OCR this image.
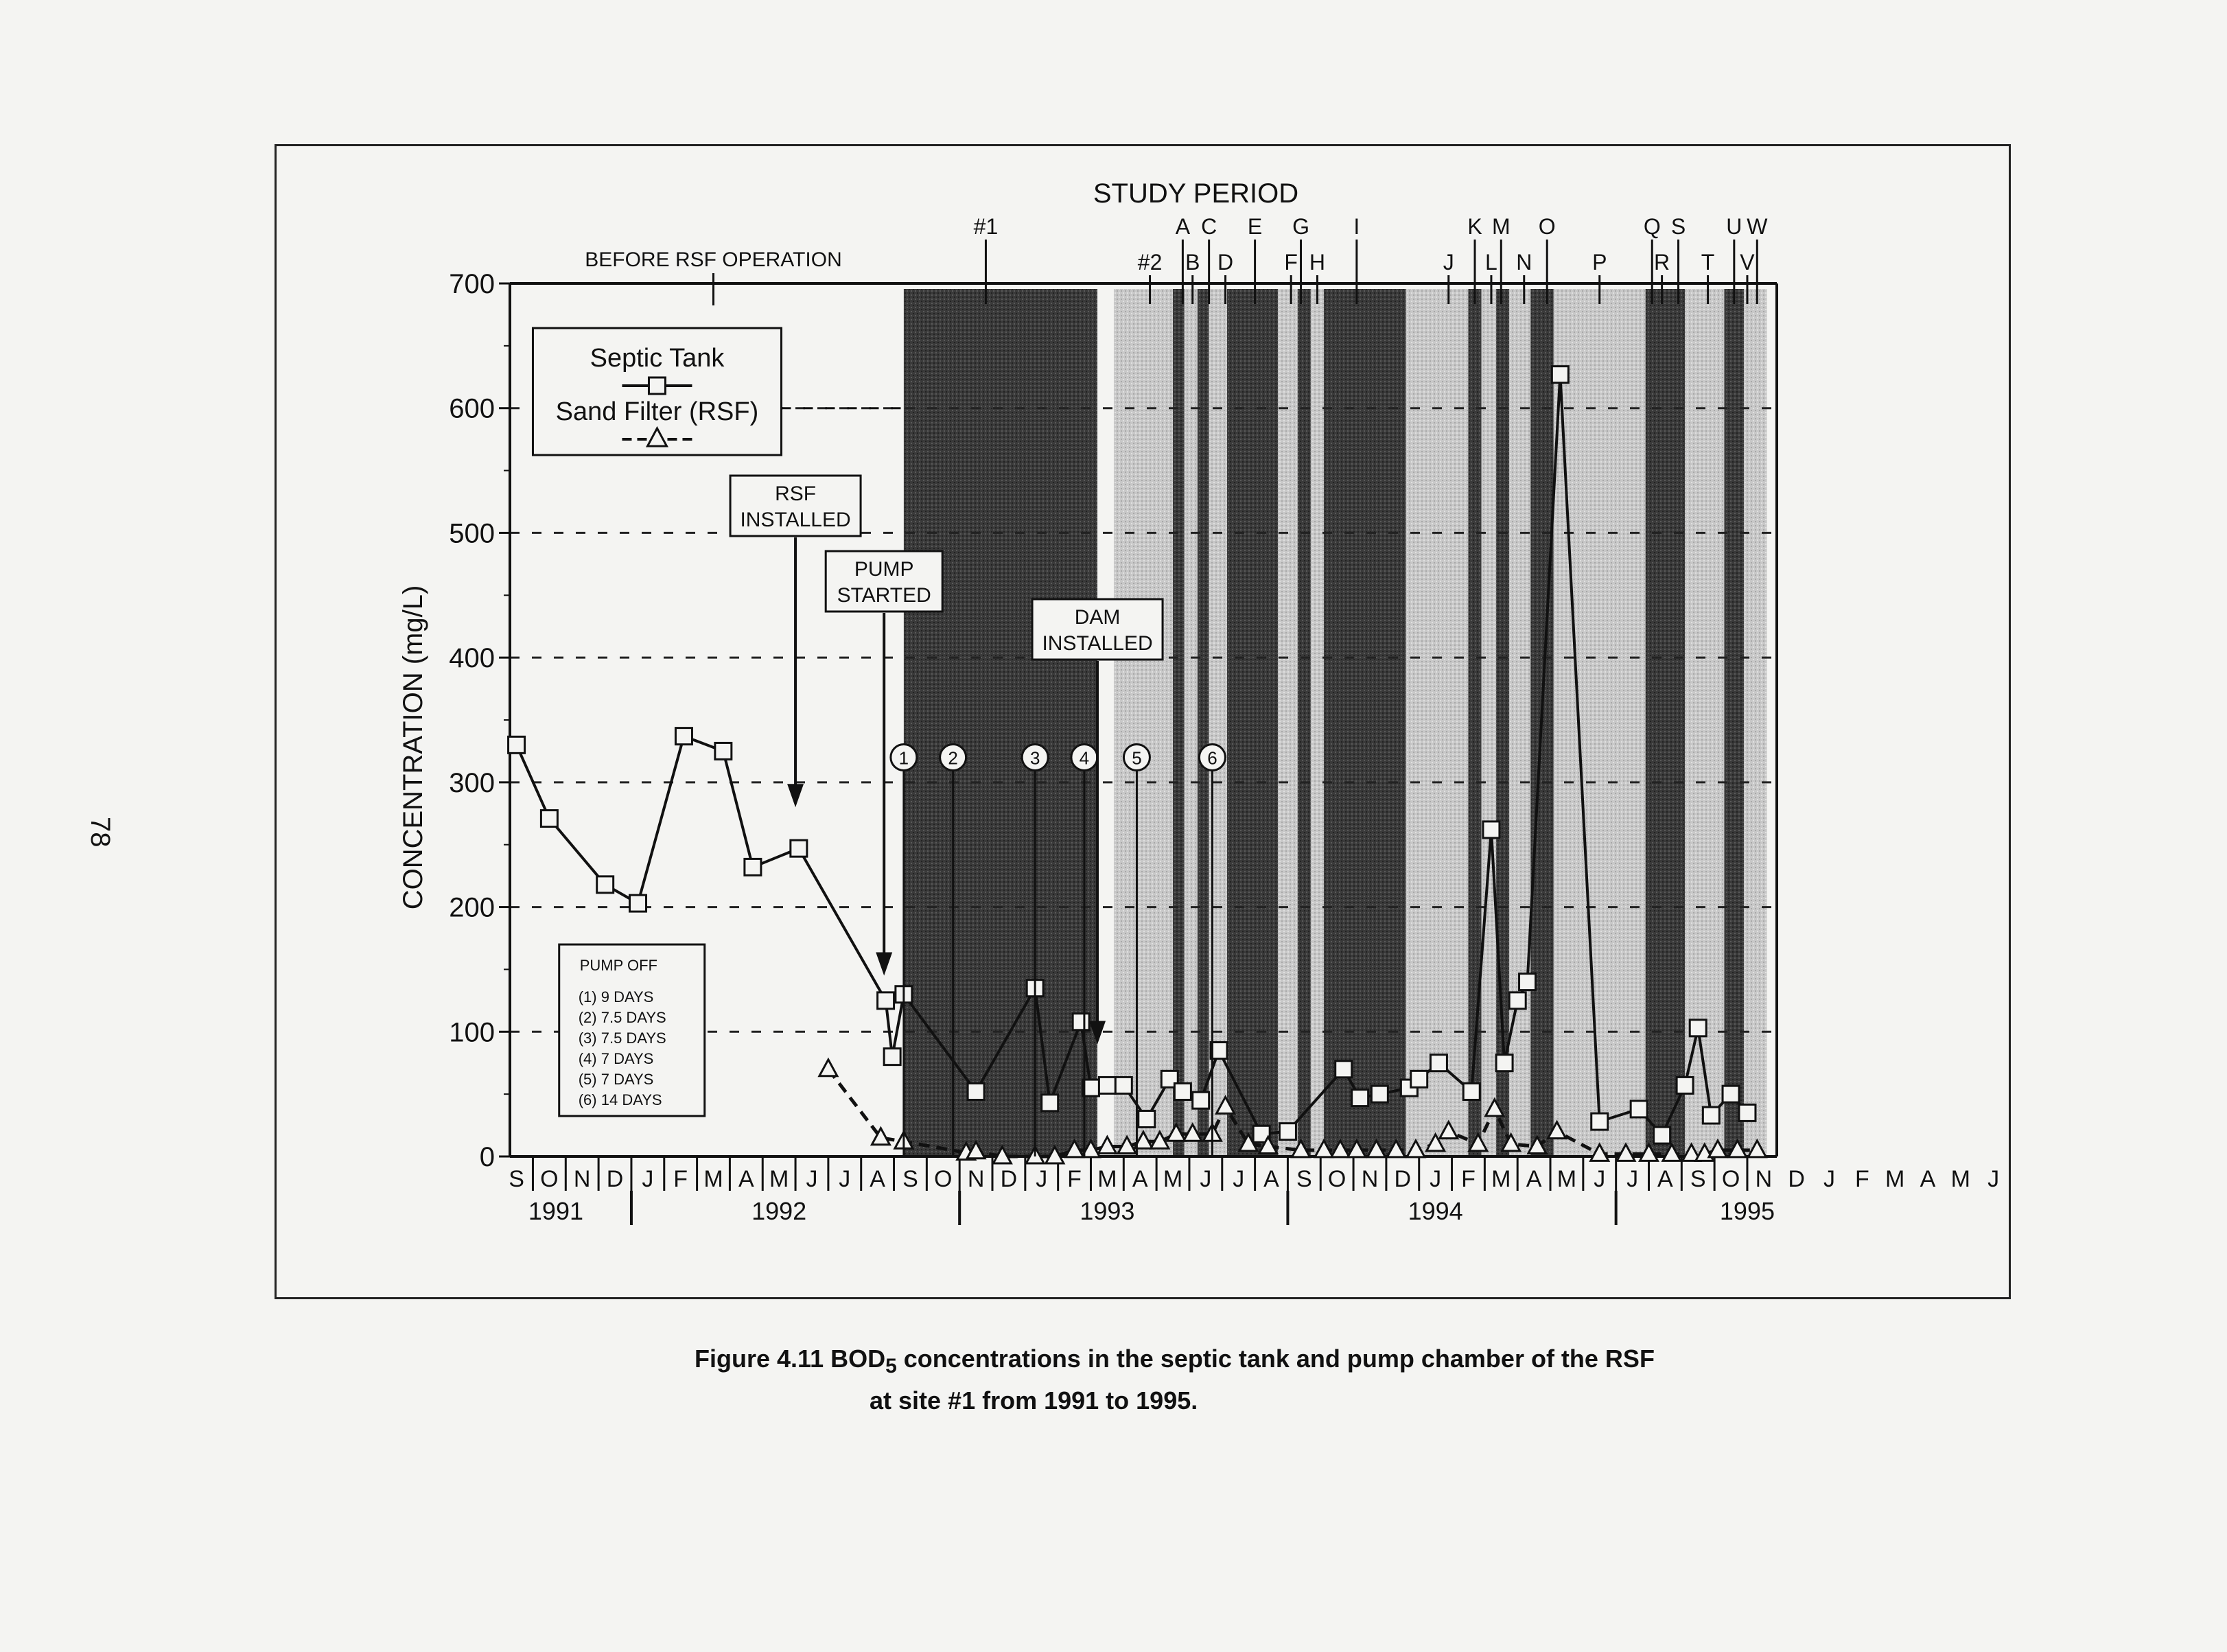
78
0
100
200
300
400
500
600
700
CONCENTRATION (mg/L)
S O N D J F M A M J J A S O N D J F M A M J J A S O N D J F M A M J J A S O N D J F M A M J
1991	1992	1993	1994	1995
#1
#2
A
B
C
D
E
F
G
H
I
J
K
L
M
N
O
P
Q
R
S
T
U
V
W
STUDY PERIOD
BEFORE RSF OPERATION
1 2	3 4 5	6
RSF
INSTALLED
PUMP
STARTED
DAM
INSTALLED
Septic Tank
Sand Filter (RSF)
PUMP OFF
(1) 9 DAYS
(2) 7.5 DAYS
(3) 7.5 DAYS
(4) 7 DAYS
(5) 7 DAYS
(6) 14 DAYS
Figure 4.11 $BOD_5$ concentrations in the septic tank and pump chamber of the RSF
at site #1 from 1991 to 1995.
